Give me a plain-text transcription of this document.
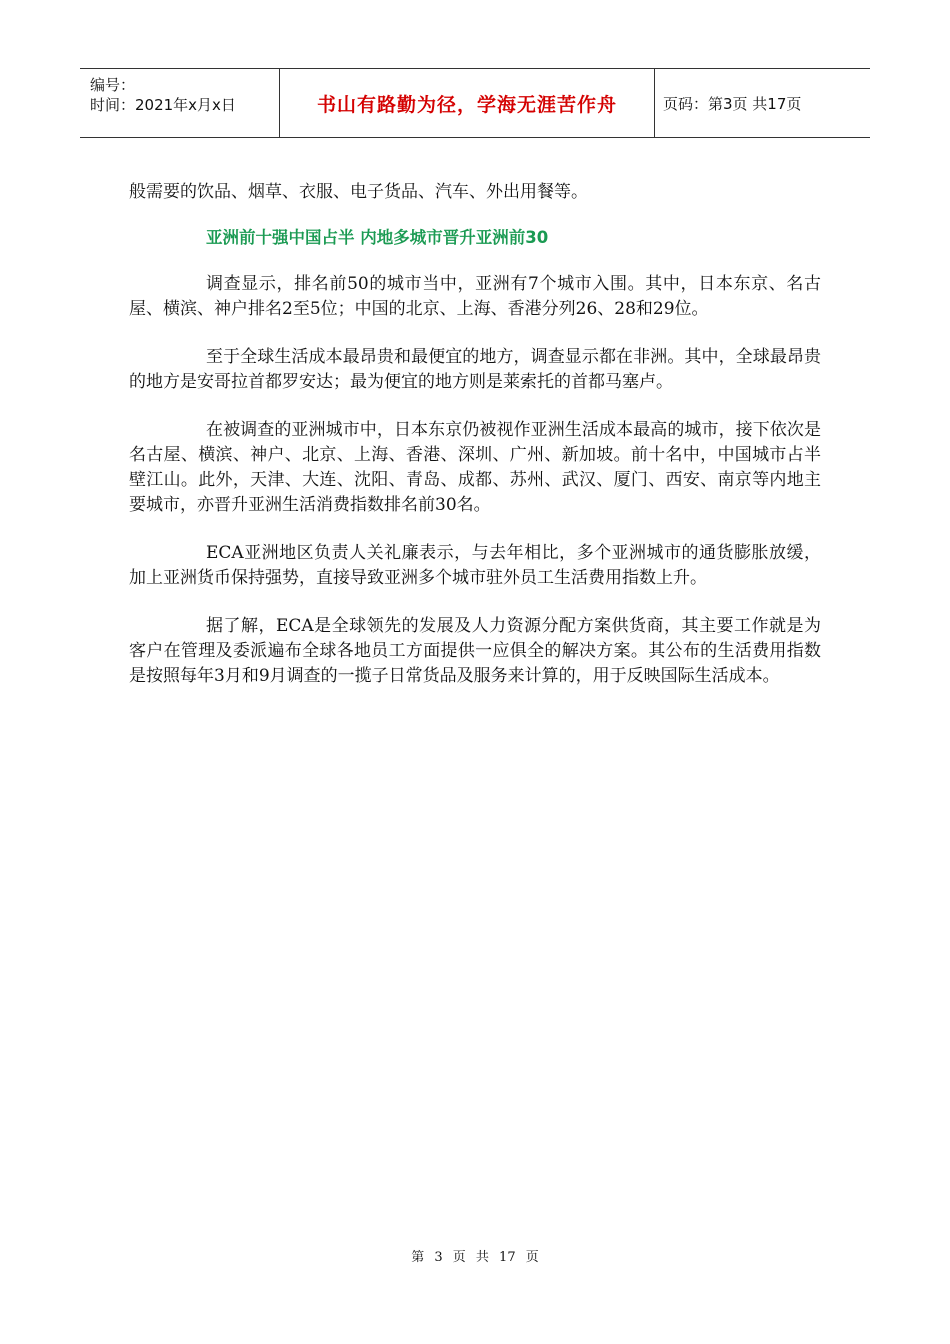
编号：
时间：2021年x月x日	书山有路勤为径，学海无涯苦作舟	页码：第3页 共17页

般需要的饮品、烟草、衣服、电子货品、汽车、外出用餐等。

亚洲前十强中国占半 内地多城市晋升亚洲前30

调查显示，排名前50的城市当中，亚洲有7个城市入围。其中，日本东京、名古屋、横滨、神户排名2至5位；中国的北京、上海、香港分列26、28和29位。

至于全球生活成本最昂贵和最便宜的地方，调查显示都在非洲。其中，全球最昂贵的地方是安哥拉首都罗安达；最为便宜的地方则是莱索托的首都马塞卢。

在被调查的亚洲城市中，日本东京仍被视作亚洲生活成本最高的城市，接下依次是名古屋、横滨、神户、北京、上海、香港、深圳、广州、新加坡。前十名中，中国城市占半壁江山。此外，天津、大连、沈阳、青岛、成都、苏州、武汉、厦门、西安、南京等内地主要城市，亦晋升亚洲生活消费指数排名前30名。

ECA亚洲地区负责人关礼廉表示，与去年相比，多个亚洲城市的通货膨胀放缓，加上亚洲货币保持强势，直接导致亚洲多个城市驻外员工生活费用指数上升。

据了解，ECA是全球领先的发展及人力资源分配方案供货商，其主要工作就是为客户在管理及委派遍布全球各地员工方面提供一应俱全的解决方案。其公布的生活费用指数是按照每年3月和9月调查的一揽子日常货品及服务来计算的，用于反映国际生活成本。

第 3 页 共 17 页
